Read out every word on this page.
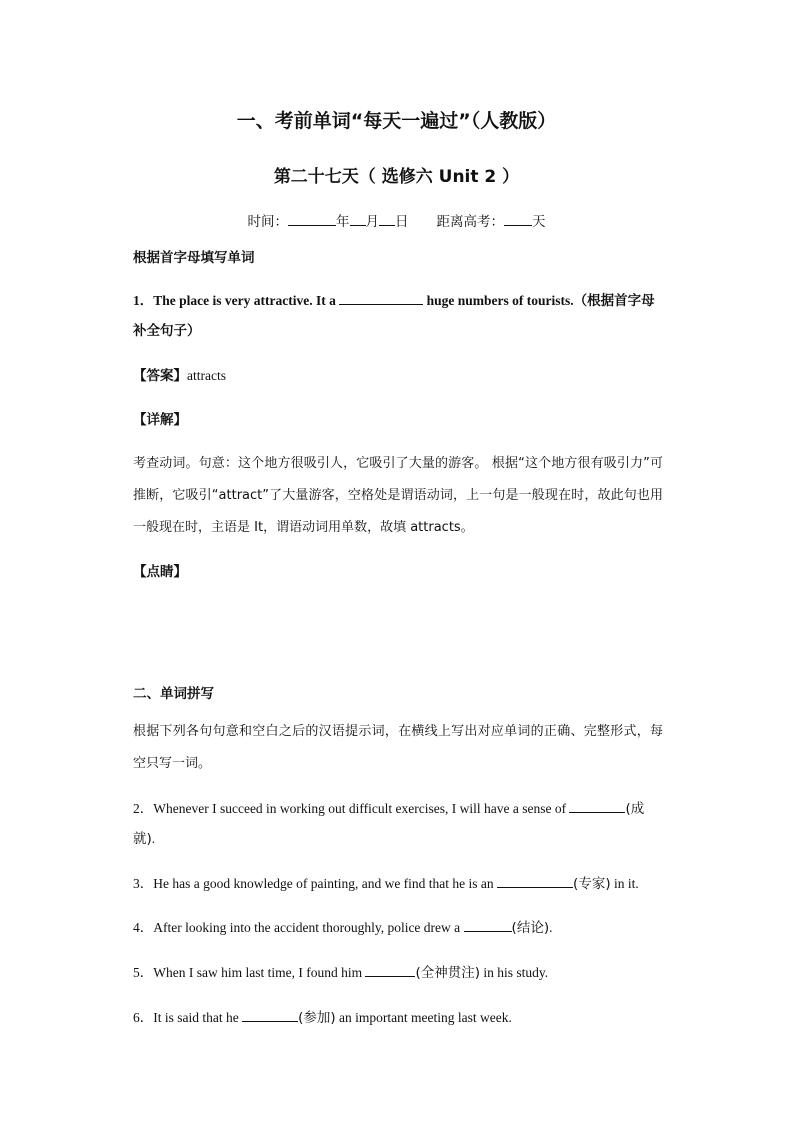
一、考前单词“每天一遍过”（人教版）
第二十七天（ 选修六 Unit 2 ）
时间：	年 月 日 距离高考： 天
根据首字母填写单词
1．The place is very attractive. It a	huge numbers of tourists.（根据首字母补全句子）
【答案】attracts
【详解】
考查动词。句意：这个地方很吸引人，它吸引了大量的游客。 根据“这个地方很有吸引力”可推断，它吸引“attract”了大量游客，空格处是谓语动词，上一句是一般现在时，故此句也用一般现在时，主语是 It，谓语动词用单数，故填 attracts。
【点睛】
二、单词拼写
根据下列各句句意和空白之后的汉语提示词，在横线上写出对应单词的正确、完整形式，每空只写一词。
2．Whenever I succeed in working out difficult exercises, I will have a sense of	(成就).
3．He has a good knowledge of painting, and we find that he is an	(专家) in it.
4．After looking into the accident thoroughly, police drew a	(结论).
5．When I saw him last time, I found him	(全神贯注) in his study.
6．It is said that he	(参加) an important meeting last week.
